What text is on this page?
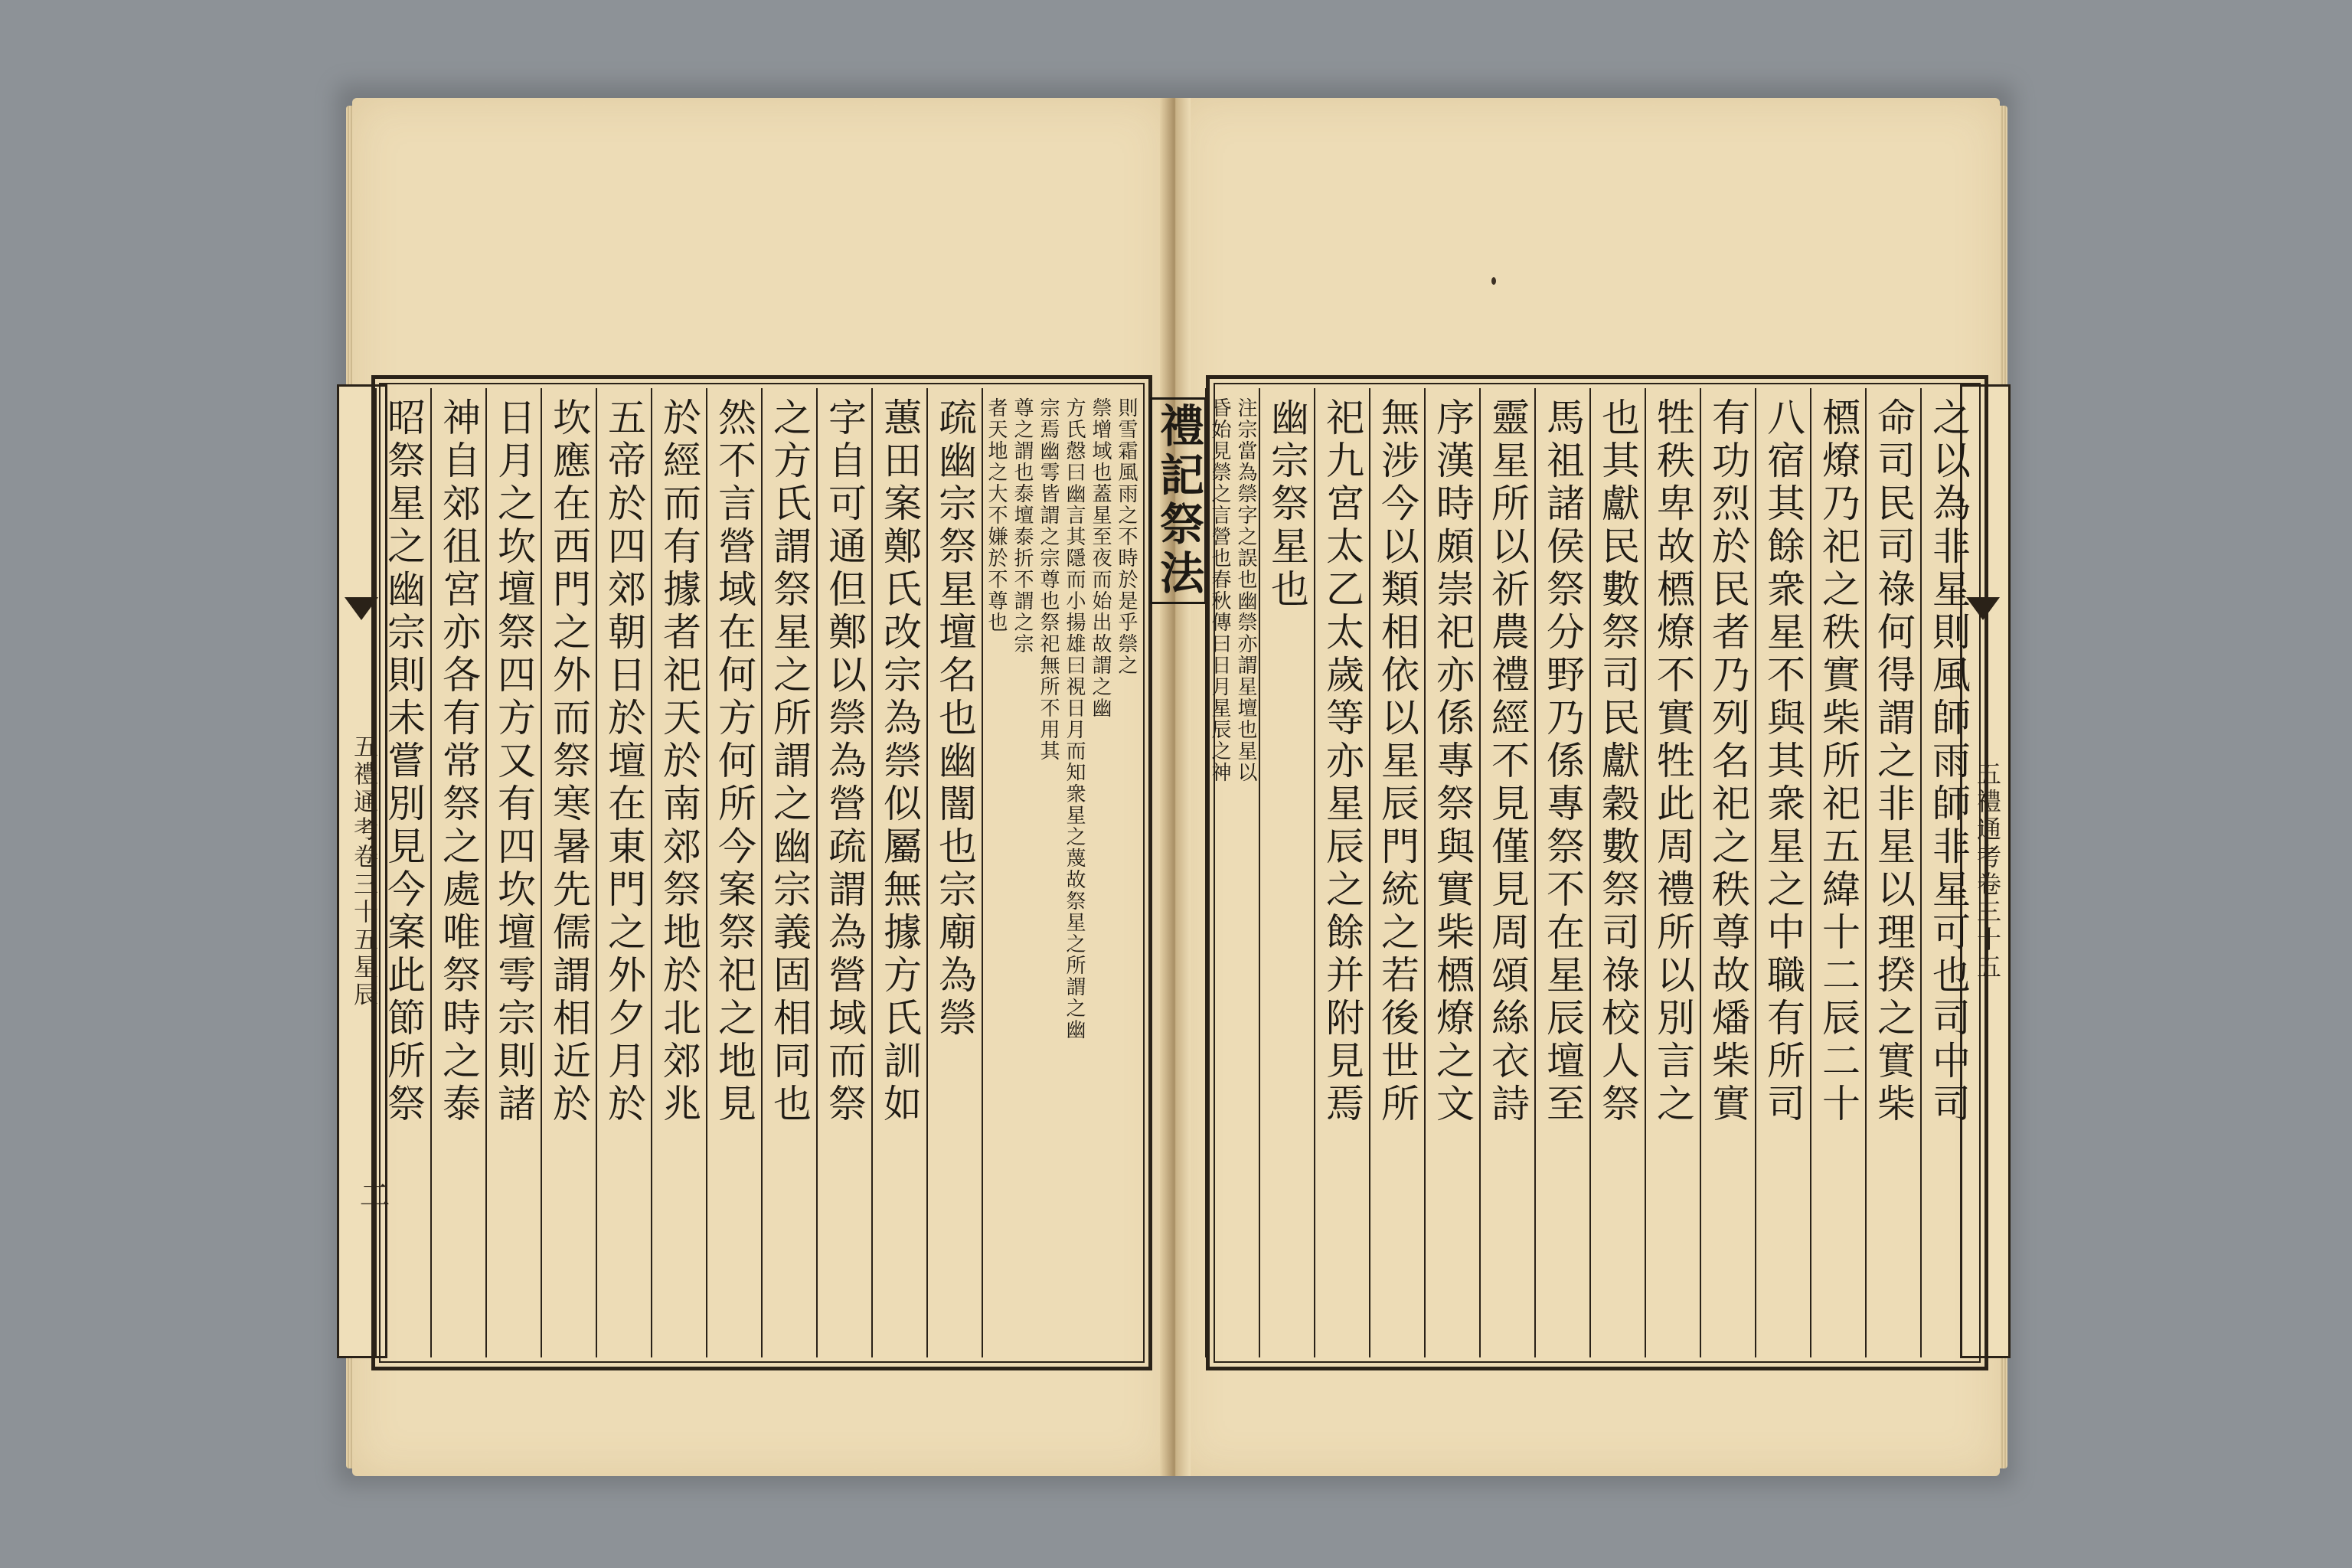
五禮通考卷三十五星辰
二
五禮通考卷三十五
則雪霜風雨之不時於是乎禜之
禜增域也蓋星至夜而始出故謂之幽
方氏慤曰幽言其隱而小揚雄曰視日月而知衆星之蔑故祭星之所謂之幽
宗焉幽雩皆謂之宗尊也祭祀無所不用其
尊之謂也泰壇泰折不謂之宗
者天地之大不嫌於不尊也
疏幽宗祭星壇名也幽闇也宗廟為禜
蕙田案鄭氏改宗為禜似屬無據方氏訓如
字自可通但鄭以禜為營疏謂為營域而祭
之方氏謂祭星之所謂之幽宗義固相同也
然不言營域在何方何所今案祭祀之地見
於經而有據者祀天於南郊祭地於北郊兆
五帝於四郊朝日於壇在東門之外夕月於
坎應在西門之外而祭寒暑先儒謂相近於
日月之坎壇祭四方又有四坎壇雩宗則諸
神自郊徂宮亦各有常祭之處唯祭時之泰
昭祭星之幽宗則未嘗別見今案此節所祭	之以為非星則風師雨師非星可也司中司
命司民司祿何得謂之非星以理揆之實柴
槱燎乃祀之秩實柴所祀五緯十二辰二十
八宿其餘衆星不與其衆星之中職有所司
有功烈於民者乃列名祀之秩尊故燔柴實
牲秩卑故槱燎不實牲此周禮所以別言之
也其獻民數祭司民獻穀數祭司祿校人祭
馬祖諸侯祭分野乃係專祭不在星辰壇至
靈星所以祈農禮經不見僅見周頌絲衣詩
序漢時頗崇祀亦係專祭與實柴槱燎之文
無涉今以類相依以星辰門統之若後世所
祀九宮太乙太歲等亦星辰之餘并附見焉
幽宗祭星也
注宗當為禜字之誤也幽禜亦謂星壇也星以
昏始見禜之言營也春秋傳曰日月星辰之神
禮記祭法
